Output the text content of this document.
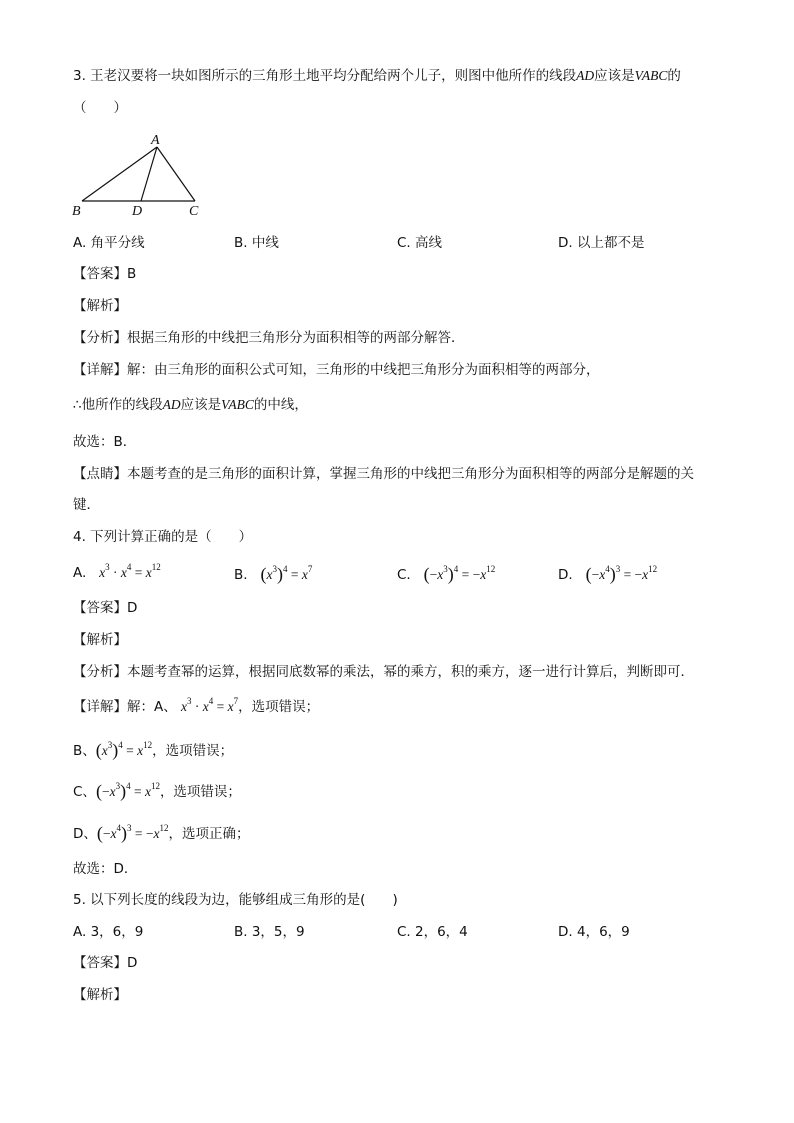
3. 王老汉要将一块如图所示的三角形土地平均分配给两个儿子，则图中他所作的线段AD应该是VABC的
（　　）
A
B	D	C
A. 角平分线	B. 中线	C. 高线	D. 以上都不是
【答案】B
【解析】
【分析】根据三角形的中线把三角形分为面积相等的两部分解答．
【详解】解：由三角形的面积公式可知，三角形的中线把三角形分为面积相等的两部分，
∴他所作的线段AD应该是VABC的中线，
故选：B．
【点睛】本题考查的是三角形的面积计算，掌握三角形的中线把三角形分为面积相等的两部分是解题的关
键．
4. 下列计算正确的是（　　）
A. $x^3 \cdot x^4 = x^{12}$	B. $(x^3)^4 = x^7$	C. $(-x^3)^4 = -x^{12}$	D. $(-x^4)^3 = -x^{12}$
【答案】D
【解析】
【分析】本题考查幂的运算，根据同底数幂的乘法，幂的乘方，积的乘方，逐一进行计算后，判断即可．
【详解】解：A、 $x^3 \cdot x^4 = x^7$，选项错误；
B、$(x^3)^4 = x^{12}$，选项错误；
C、$(-x^3)^4 = x^{12}$，选项错误；
D、$(-x^4)^3 = -x^{12}$，选项正确；
故选：D．
5. 以下列长度的线段为边，能够组成三角形的是(　　)
A. 3，6，9	B. 3，5，9	C. 2，6，4	D. 4，6，9
【答案】D
【解析】
